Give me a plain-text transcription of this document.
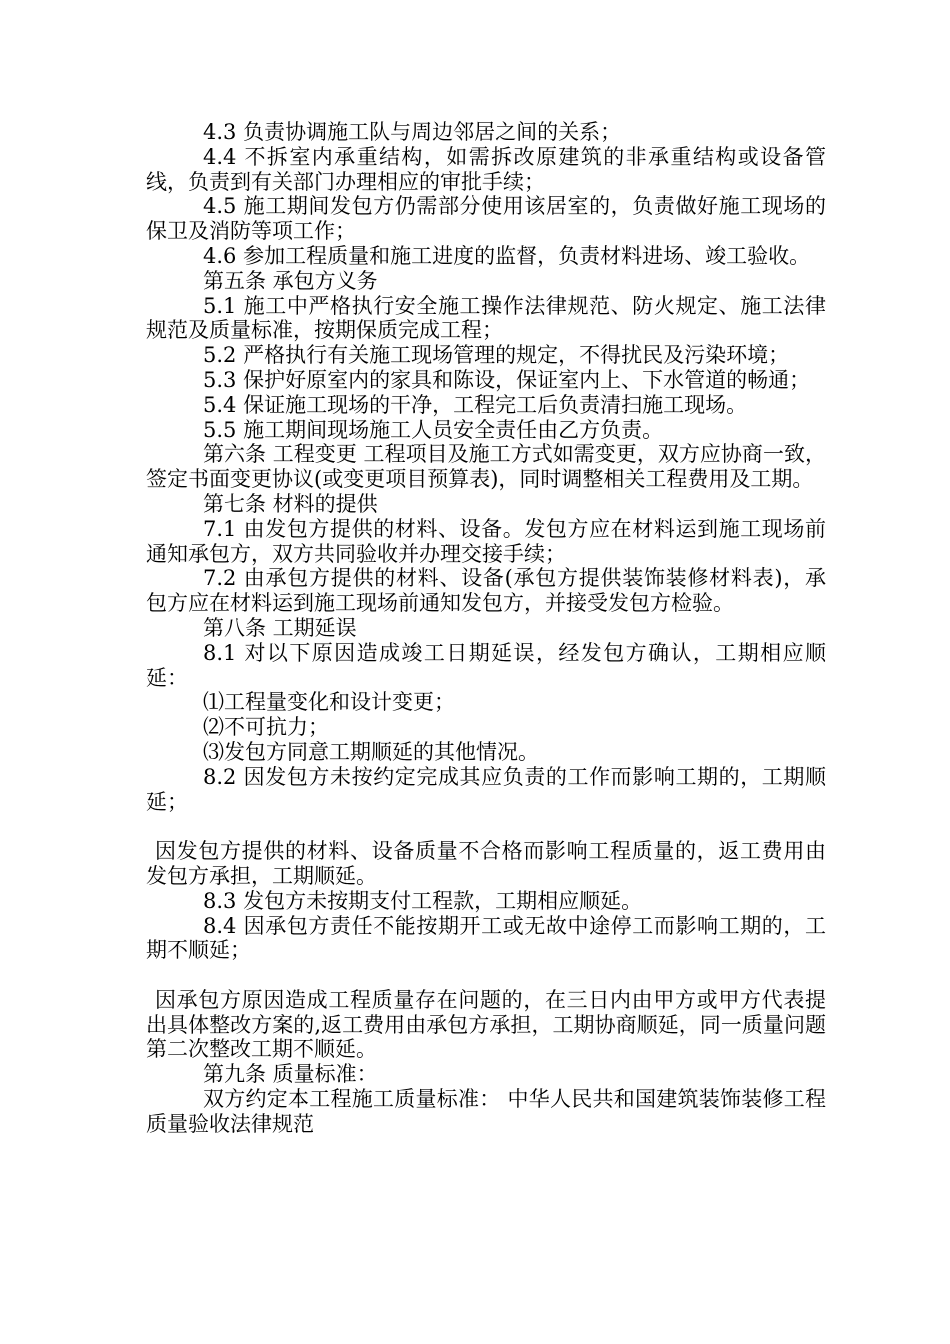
4.3 负责协调施工队与周边邻居之间的关系；

4.4 不拆室内承重结构，如需拆改原建筑的非承重结构或设备管线，负责到有关部门办理相应的审批手续；

4.5 施工期间发包方仍需部分使用该居室的，负责做好施工现场的保卫及消防等项工作；

4.6 参加工程质量和施工进度的监督，负责材料进场、竣工验收。

第五条 承包方义务

5.1 施工中严格执行安全施工操作法律规范、防火规定、施工法律规范及质量标准，按期保质完成工程；

5.2 严格执行有关施工现场管理的规定，不得扰民及污染环境；

5.3 保护好原室内的家具和陈设，保证室内上、下水管道的畅通；

5.4 保证施工现场的干净，工程完工后负责清扫施工现场。

5.5 施工期间现场施工人员安全责任由乙方负责。

第六条 工程变更 工程项目及施工方式如需变更，双方应协商一致，签定书面变更协议(或变更项目预算表)，同时调整相关工程费用及工期。

第七条 材料的提供

7.1 由发包方提供的材料、设备。发包方应在材料运到施工现场前通知承包方，双方共同验收并办理交接手续；

7.2 由承包方提供的材料、设备(承包方提供装饰装修材料表)，承包方应在材料运到施工现场前通知发包方，并接受发包方检验。

第八条 工期延误

8.1 对以下原因造成竣工日期延误，经发包方确认，工期相应顺延：

⑴工程量变化和设计变更；

⑵不可抗力；

⑶发包方同意工期顺延的其他情况。

8.2 因发包方未按约定完成其应负责的工作而影响工期的，工期顺延；

因发包方提供的材料、设备质量不合格而影响工程质量的，返工费用由发包方承担，工期顺延。

8.3 发包方未按期支付工程款，工期相应顺延。

8.4 因承包方责任不能按期开工或无故中途停工而影响工期的，工期不顺延；

因承包方原因造成工程质量存在问题的，在三日内由甲方或甲方代表提出具体整改方案的,返工费用由承包方承担，工期协商顺延，同一质量问题第二次整改工期不顺延。

第九条 质量标准：

双方约定本工程施工质量标准： 中华人民共和国建筑装饰装修工程质量验收法律规范
